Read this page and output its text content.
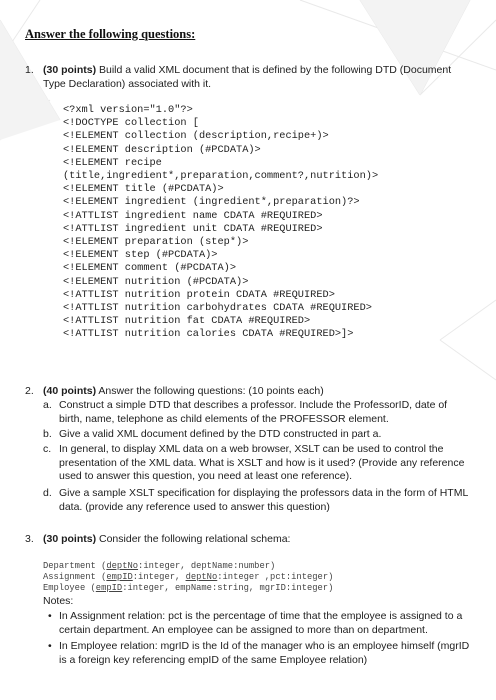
Answer the following questions:
1. (30 points) Build a valid XML document that is defined by the following DTD (Document Type Declaration) associated with it.
<?xml version="1.0"?>
<!DOCTYPE collection [
<!ELEMENT collection (description,recipe+)>
<!ELEMENT description (#PCDATA)>
<!ELEMENT recipe
(title,ingredient*,preparation,comment?,nutrition)>
<!ELEMENT title (#PCDATA)>
<!ELEMENT ingredient (ingredient*,preparation)?>
<!ATTLIST ingredient name CDATA #REQUIRED>
<!ATTLIST ingredient unit CDATA #REQUIRED>
<!ELEMENT preparation (step*)>
<!ELEMENT step (#PCDATA)>
<!ELEMENT comment (#PCDATA)>
<!ELEMENT nutrition (#PCDATA)>
<!ATTLIST nutrition protein CDATA #REQUIRED>
<!ATTLIST nutrition carbohydrates CDATA #REQUIRED>
<!ATTLIST nutrition fat CDATA #REQUIRED>
<!ATTLIST nutrition calories CDATA #REQUIRED>]>
2. (40 points) Answer the following questions: (10 points each)
a. Construct a simple DTD that describes a professor. Include the ProfessorID, date of birth, name, telephone as child elements of the PROFESSOR element.
b. Give a valid XML document defined by the DTD constructed in part a.
c. In general, to display XML data on a web browser, XSLT can be used to control the presentation of the XML data. What is XSLT and how is it used? (Provide any reference used to answer this question, you need at least one reference).
d. Give a sample XSLT specification for displaying the professors data in the form of HTML data. (provide any reference used to answer this question)
3. (30 points) Consider the following relational schema:
Department (deptNo:integer, deptName:number)
Assignment (empID:integer, deptNo:integer ,pct:integer)
Employee (empID:integer, empName:string, mgrID:integer)
Notes:
• In Assignment relation: pct is the percentage of time that the employee is assigned to a certain department. An employee can be assigned to more than on department.
• In Employee relation: mgrID is the Id of the manager who is an employee himself (mgrID is a foreign key referencing empID of the same Employee relation)
